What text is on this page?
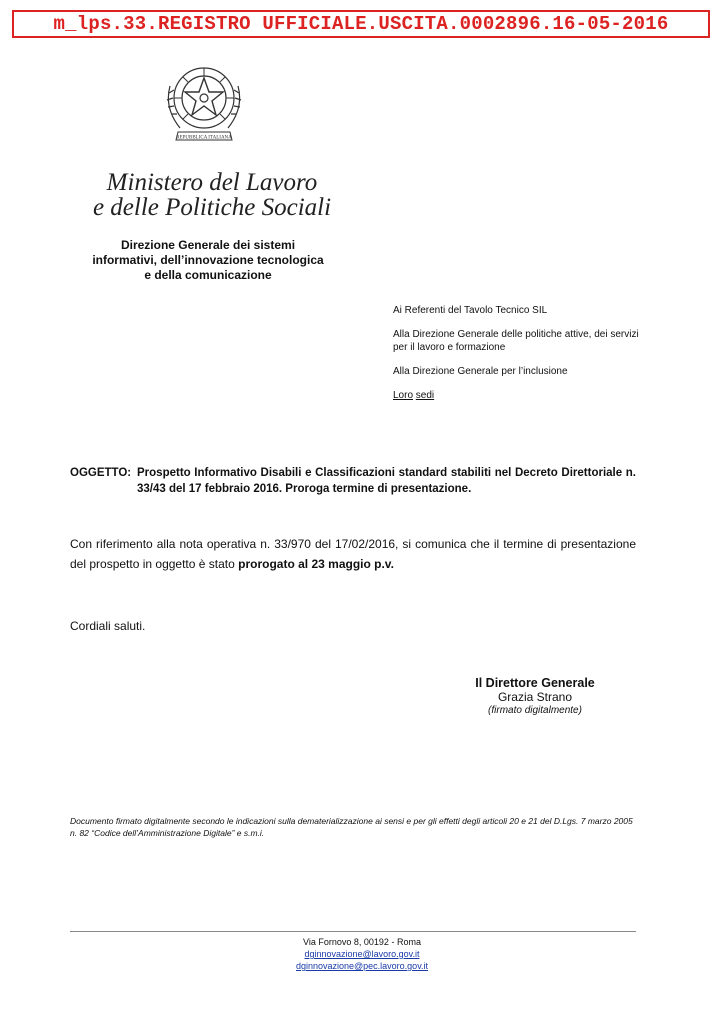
m_lps.33.REGISTRO UFFICIALE.USCITA.0002896.16-05-2016
REPUBBLICA ITALIANA
Ministero del Lavoro
e delle Politiche Sociali
Direzione Generale dei sistemi
informativi, dell’innovazione tecnologica
e della comunicazione
Ai Referenti del Tavolo Tecnico SIL
Alla Direzione Generale delle politiche attive, dei servizi
per il lavoro e formazione
Alla Direzione Generale per l’inclusione
Loro sedi
OGGETTO: Prospetto Informativo Disabili e Classificazioni standard stabiliti nel Decreto Direttoriale n. 33/43 del 17 febbraio 2016. Proroga termine di presentazione.
Con riferimento alla nota operativa n. 33/970 del 17/02/2016, si comunica che il termine di presentazione del prospetto in oggetto è stato prorogato al 23 maggio p.v.
Cordiali saluti.
Il Direttore Generale
Grazia Strano
(firmato digitalmente)
Documento firmato digitalmente secondo le indicazioni sulla dematerializzazione ai sensi e per gli effetti degli articoli 20 e 21 del D.Lgs. 7 marzo 2005 n. 82 “Codice dell’Amministrazione Digitale” e s.m.i.
Via Fornovo 8, 00192 - Roma
dginnovazione@lavoro.gov.it
dginnovazione@pec.lavoro.gov.it
